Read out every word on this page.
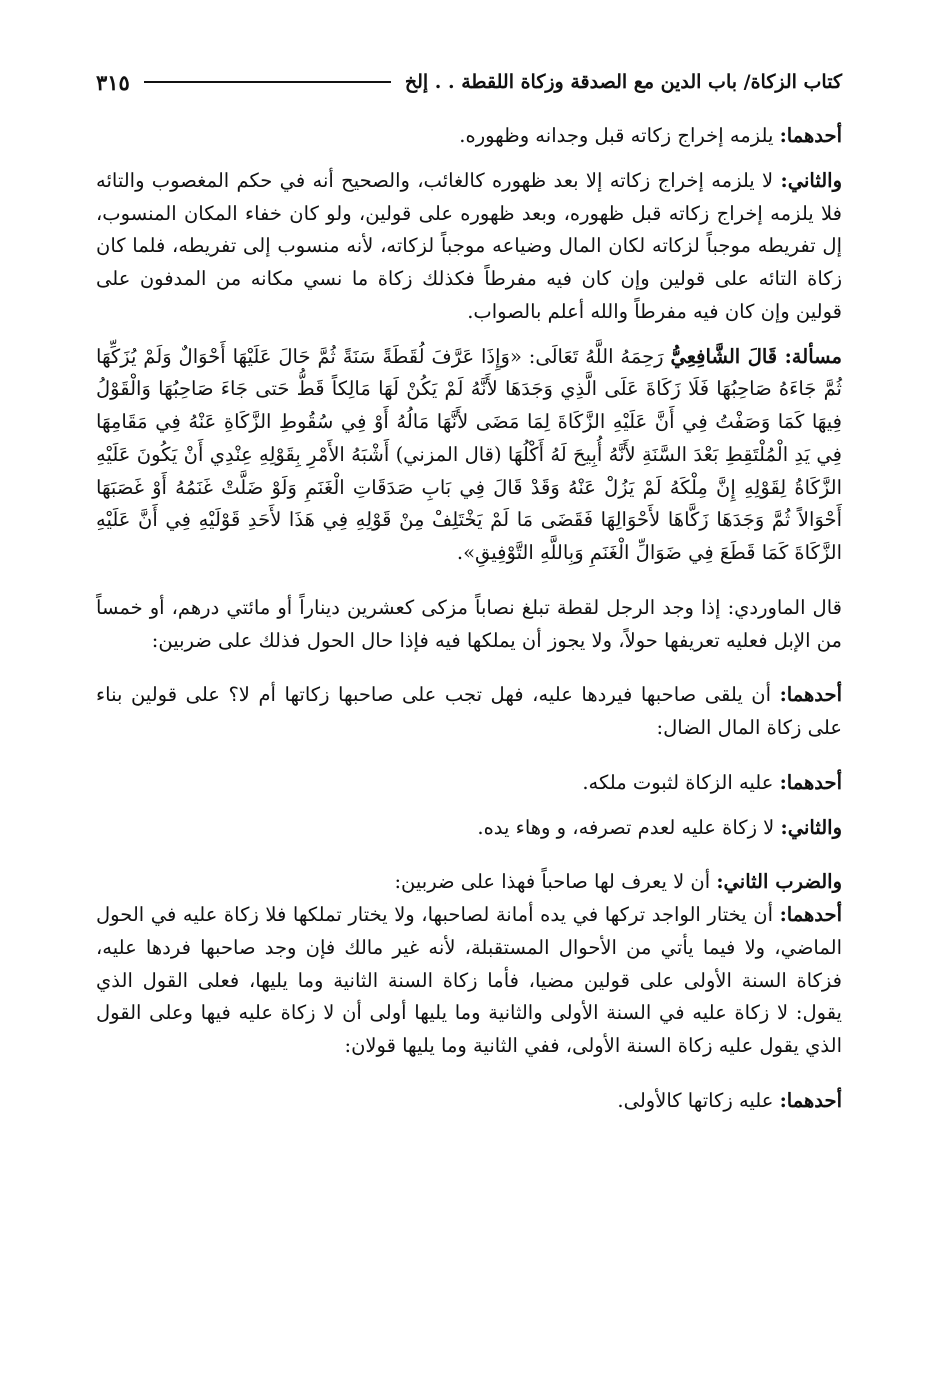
كتاب الزكاة/ باب الدين مع الصدقة وزكاة اللقطة . . إلخ
٣١٥

أحدهما: يلزمه إخراج زكاته قبل وجدانه وظهوره.

والثاني: لا يلزمه إخراج زكاته إلا بعد ظهوره كالغائب، والصحيح أنه في حكم المغصوب والتائه فلا يلزمه إخراج زكاته قبل ظهوره، وبعد ظهوره على قولين، ولو كان خفاء المكان المنسوب، إل تفريطه موجباً لزكاته لكان المال وضياعه موجباً لزكاته، لأنه منسوب إلى تفريطه، فلما كان زكاة التائه على قولين وإن كان فيه مفرطاً فكذلك زكاة ما نسي مكانه من المدفون على قولين وإن كان فيه مفرطاً والله أعلم بالصواب.

مسألة: قَالَ الشَّافِعِيُّ رَحِمَهُ اللَّهُ تَعَالَى: «وَإِذَا عَرَّفَ لُقَطَةً سَنَةً ثُمَّ حَالَ عَلَيْهَا أَحْوَالٌ وَلَمْ يُزَكِّهَا ثُمَّ جَاءَهُ صَاحِبُهَا فَلَا زَكَاةَ عَلَى الَّذِي وَجَدَهَا لأَنَّهُ لَمْ يَكُنْ لَهَا مَالِكاً قَطُّ حَتى جَاءَ صَاحِبُهَا وَالْقَوْلُ فِيهَا كَمَا وَصَفْتُ فِي أَنَّ عَلَيْهِ الزَّكَاةَ لِمَا مَضَى لأَنَّهَا مَالُهُ أَوْ فِي سُقُوطِ الزَّكَاةِ عَنْهُ فِي مَقَامِهَا فِي يَدِ الْمُلْتَقِطِ بَعْدَ السَّنَةِ لأَنَّهُ أُبِيحَ لَهُ أَكْلُهَا (قال المزني) أَشْبَهُ الأَمْرِ بِقَوْلِهِ عِنْدِي أَنْ يَكُونَ عَلَيْهِ الزَّكَاةُ لِقَوْلِهِ إِنَّ مِلْكَهُ لَمْ يَزُلْ عَنْهُ وَقَدْ قَالَ فِي بَابِ صَدَقَاتِ الْغَنَمِ وَلَوْ ضَلَّتْ غَنَمُهُ أَوْ غَصَبَهَا أَحْوَالاً ثُمَّ وَجَدَهَا زَكَّاهَا لأَحْوَالِهَا فَقَضَى مَا لَمْ يَخْتَلِفْ مِنْ قَوْلِهِ فِي هَذَا لأَحَدِ قَوْلَيْهِ فِي أَنَّ عَلَيْهِ الزَّكَاةَ كَمَا قَطَعَ فِي ضَوَالِّ الْغَنَمِ وَبِاللَّهِ التَّوْفِيقِ».

قال الماوردي: إذا وجد الرجل لقطة تبلغ نصاباً مزكى كعشرين ديناراً أو مائتي درهم، أو خمساً من الإبل فعليه تعريفها حولاً، ولا يجوز أن يملكها فيه فإذا حال الحول فذلك على ضربين:

أحدهما: أن يلقى صاحبها فيردها عليه، فهل تجب على صاحبها زكاتها أم لا؟ على قولين بناء على زكاة المال الضال:

أحدهما: عليه الزكاة لثبوت ملكه.

والثاني: لا زكاة عليه لعدم تصرفه، و وهاء يده.

والضرب الثاني: أن لا يعرف لها صاحباً فهذا على ضربين:

أحدهما: أن يختار الواجد تركها في يده أمانة لصاحبها، ولا يختار تملكها فلا زكاة عليه في الحول الماضي، ولا فيما يأتي من الأحوال المستقبلة، لأنه غير مالك فإن وجد صاحبها فردها عليه، فزكاة السنة الأولى على قولين مضيا، فأما زكاة السنة الثانية وما يليها، فعلى القول الذي يقول: لا زكاة عليه في السنة الأولى والثانية وما يليها أولى أن لا زكاة عليه فيها وعلى القول الذي يقول عليه زكاة السنة الأولى، ففي الثانية وما يليها قولان:

أحدهما: عليه زكاتها كالأولى.
